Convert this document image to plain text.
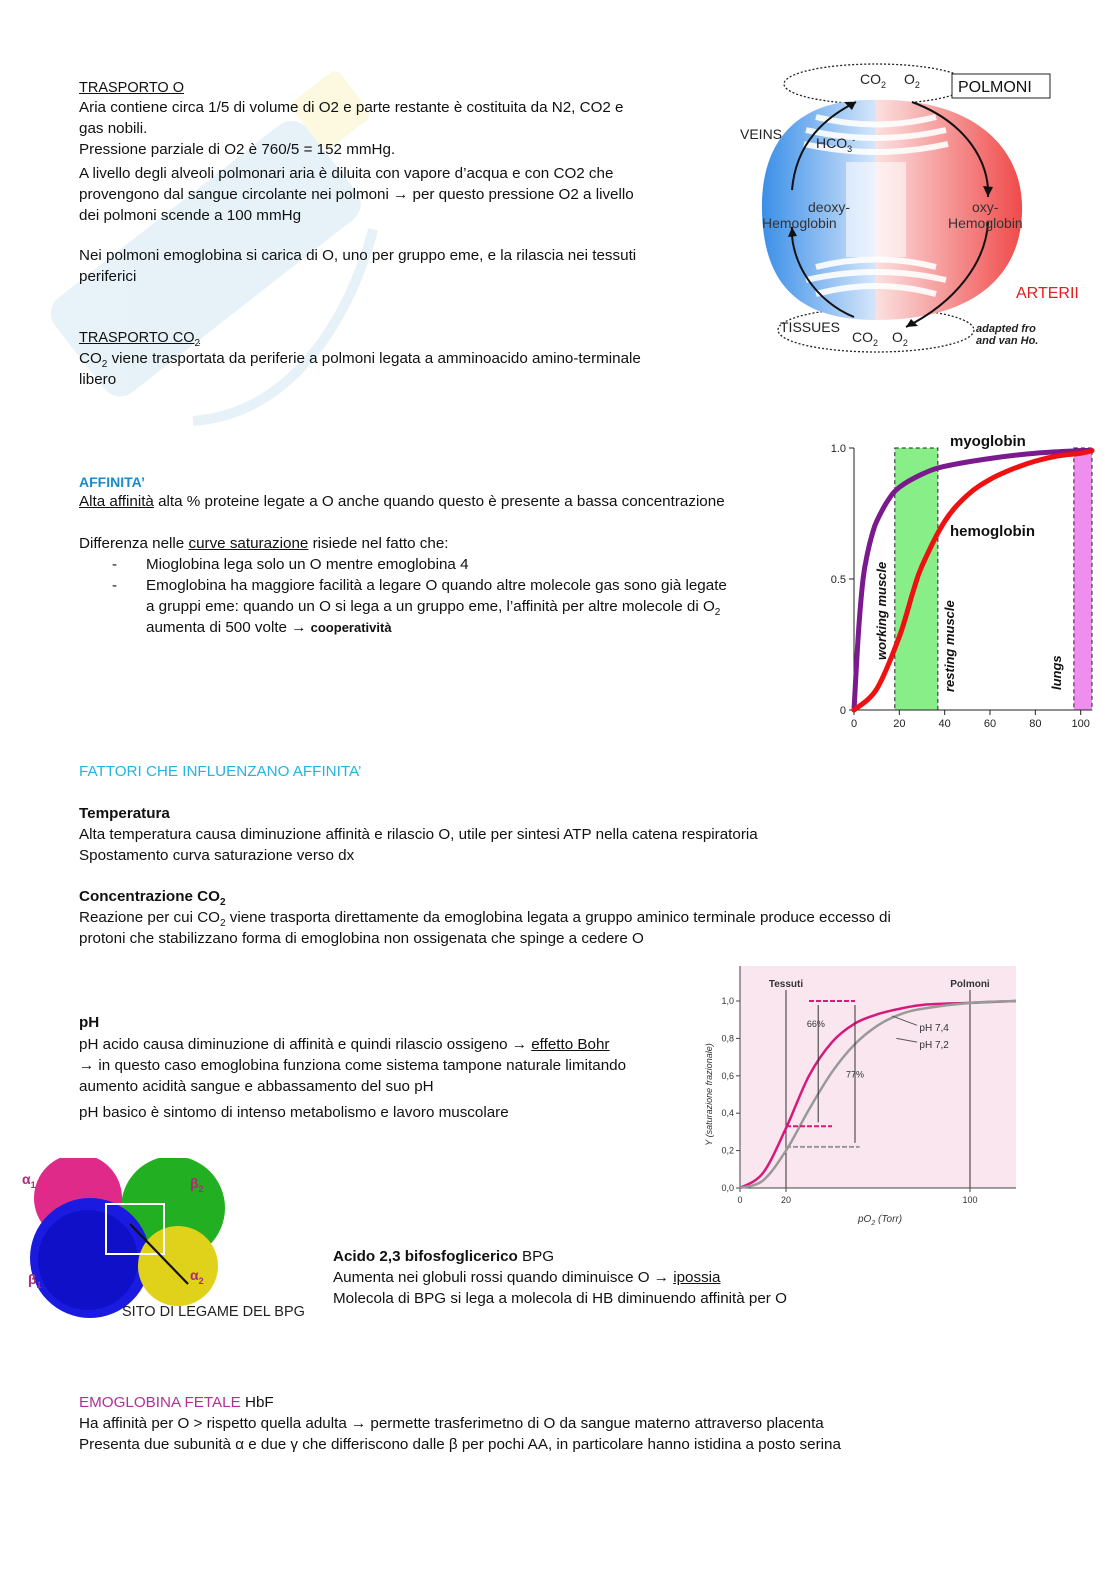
TRASPORTO O
Aria contiene circa 1/5 di volume di O2 e parte restante è costituita da N2, CO2 e
gas nobili.
Pressione parziale di O2 è 760/5 = 152 mmHg.
A livello degli alveoli polmonari aria è diluita con vapore d’acqua e con CO2 che
provengono dal sangue circolante nei polmoni → per questo pressione O2 a livello
dei polmoni scende a 100 mmHg
Nei polmoni emoglobina si carica di O, uno per gruppo eme, e la rilascia nei tessuti
periferici
TRASPORTO $CO_2$
$CO_2$ viene trasportata da periferie a polmoni legata a amminoacido amino-terminale
libero
$CO_2$ $O_2$ POLMONI
VEINS
$HCO_3^-$
deoxy-
Hemoglobin
oxy-
Hemoglobin
ARTERII
TISSUES
$CO_2$ $O_2$
adapted fro
and van Ho.
AFFINITA’
Alta affinità alta % proteine legate a O anche quando questo è presente a bassa concentrazione
Differenza nelle curve saturazione risiede nel fatto che:
- Mioglobina lega solo un O mentre emoglobina 4
- Emoglobina ha maggiore facilità a legare O quando altre molecole gas sono già legate
a gruppi eme: quando un O si lega a un gruppo eme, l’affinità per altre molecole di $O_2$
aumenta di 500 volte → cooperatività
0	20	40	60	80	100
0
0.5
1.0	myoglobin
hemoglobin
working muscle	resting muscle	lungs
FATTORI CHE INFLUENZANO AFFINITA’
Temperatura
Alta temperatura causa diminuzione affinità e rilascio O, utile per sintesi ATP nella catena respiratoria
Spostamento curva saturazione verso dx
Concentrazione $CO_2$
Reazione per cui $CO_2$ viene trasporta direttamente da emoglobina legata a gruppo aminico terminale produce eccesso di
protoni che stabilizzano forma di emoglobina non ossigenata che spinge a cedere O
pH
pH acido causa diminuzione di affinità e quindi rilascio ossigeno → effetto Bohr
→ in questo caso emoglobina funziona come sistema tampone naturale limitando
aumento acidità sangue e abbassamento del suo pH
pH basico è sintomo di intenso metabolismo e lavoro muscolare
Tessuti	Polmoni
0,0
0,2
0,4
0,6
0,8
1,0
0	20	100
66%
77%
pH 7,4
pH 7,2
$pO_2$ (Torr)
Y (saturazione frazionale)
$\alpha_1$	$\beta_2$
$\beta_1$
$\alpha_2$
SITO DI LEGAME DEL BPG
Acido 2,3 bifosfoglicerico BPG
Aumenta nei globuli rossi quando diminuisce O → ipossia
Molecola di BPG si lega a molecola di HB diminuendo affinità per O
EMOGLOBINA FETALE HbF
Ha affinità per O > rispetto quella adulta → permette trasferimetno di O da sangue materno attraverso placenta
Presenta due subunità α e due γ che differiscono dalle β per pochi AA, in particolare hanno istidina a posto serina
